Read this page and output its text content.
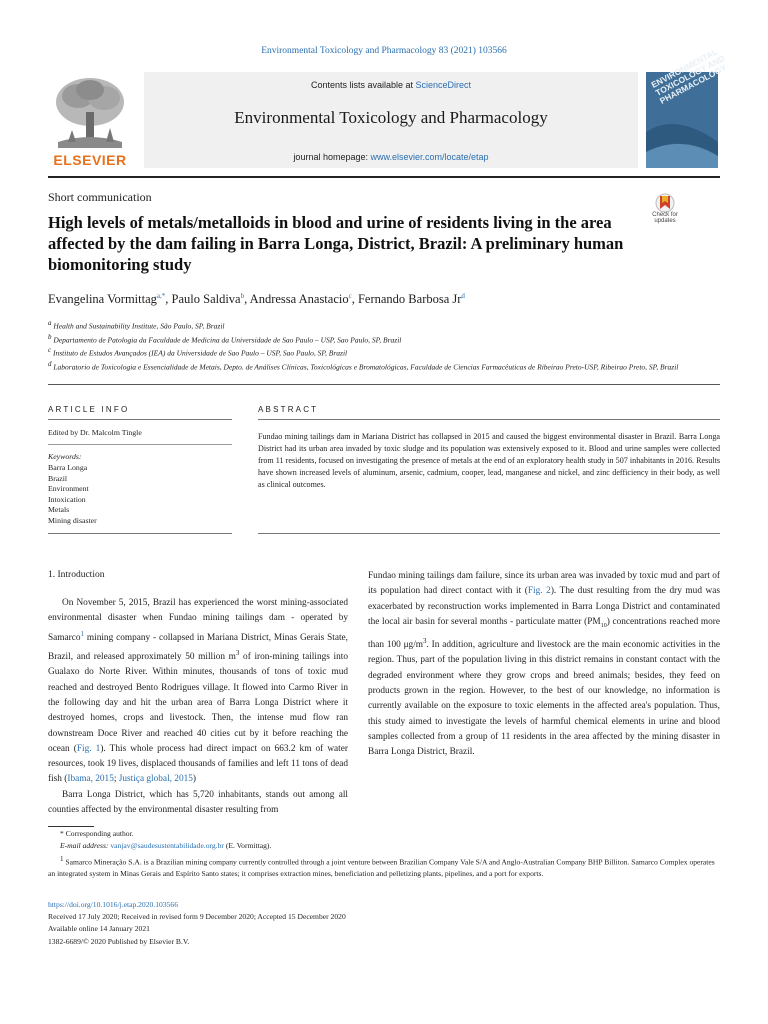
Environmental Toxicology and Pharmacology 83 (2021) 103566
ELSEVIER
Contents lists available at ScienceDirect
Environmental Toxicology and Pharmacology
journal homepage: www.elsevier.com/locate/etap
ENVIRONMENTAL TOXICOLOGY AND PHARMACOLOGY
Short communication
High levels of metals/metalloids in blood and urine of residents living in the area affected by the dam failing in Barra Longa, District, Brazil: A preliminary human biomonitoring study
Check for updates
Evangelina Vormittag$^{a,*}$, Paulo Saldiva$^b$, Andressa Anastacio$^c$, Fernando Barbosa Jr$^d$

$^a$ Health and Sustainability Institute, São Paulo, SP, Brazil

$^b$ Departamento de Patologia da Faculdade de Medicina da Universidade de Sao Paulo – USP, Sao Paulo, SP, Brazil

$^c$ Instituto de Estudos Avançados (IEA) da Universidade de Sao Paulo – USP, Sao Paulo, SP, Brazil

$^d$ Laboratorio de Toxicologia e Essencialidade de Metais, Depto. de Análises Clínicas, Toxicológicas e Bromatológicas, Faculdade de Ciencias Farmacêuticas de Ribeirao Preto-USP, Ribeirao Preto, SP, Brazil

ARTICLE INFO
Edited by Dr. Malcolm Tingle
Keywords:
Barra Longa
Brazil
Environment
Intoxication
Metals
Mining disaster
ABSTRACT
Fundao mining tailings dam in Mariana District has collapsed in 2015 and caused the biggest environmental disaster in Brazil. Barra Longa District had its urban area invaded by toxic sludge and its population was extensively exposed to it. Blood and urine samples were collected from 11 residents, focused on investigating the presence of metals at the end of an exploratory health study in 507 inhabitants in 2016. Results have shown increased levels of aluminum, arsenic, cadmium, cooper, lead, manganese and nickel, and zinc defficiency in their body, as well as clinical outcomes.
1. Introduction

On November 5, 2015, Brazil has experienced the worst mining-associated environmental disaster when Fundao mining tailings dam - operated by Samarco$^1$ mining company - collapsed in Mariana District, Minas Gerais State, Brazil, and released approximately 50 million $m^3$ of iron-mining tailings into Gualaxo do Norte River. Within minutes, thousands of tons of toxic mud reached and destroyed Bento Rodrigues village. It flowed into Carmo River in the following day and hit the urban area of Barra Longa District where it destroyed homes, crops and livestock. Then, the intense mud flow ran downstream Doce River and reached 40 cities cut by it before reaching the ocean (Fig. 1). This whole process had direct impact on 663.2 km of water resources, took 19 lives, displaced thousands of families and left 11 tons of dead fish (Ibama, 2015; Justiça global, 2015)

Barra Longa District, which has 5,720 inhabitants, stands out among all counties affected by the environmental disaster resulting from

Fundao mining tailings dam failure, since its urban area was invaded by toxic mud and part of its population had direct contact with it (Fig. 2). The dust resulting from the dry mud was exacerbated by reconstruction works implemented in Barra Longa District and contaminated the local air basin for several months - particulate matter $(PM_{10})$ concentrations reached more than 100 $\mu g/m^3$. In addition, agriculture and livestock are the main economic activities in the region. Thus, part of the population living in this district remains in constant contact with the degraded environment where they grow crops and breed animals; besides, they feed on products grown in the region. However, to the best of our knowledge, no information is currently available on the exposure to toxic elements in the affected area's population. Thus, this study aimed to investigate the levels of harmful chemical elements in urine and blood samples collected from a group of 11 residents in the area affected by the mining disaster in Barra Longa District, Brazil.

* Corresponding author.

E-mail address: vanjav@saudesustentabilidade.org.br (E. Vormittag).

$^1$ Samarco Mineração S.A. is a Brazilian mining company currently controlled through a joint venture between Brazilian Company Vale S/A and Anglo-Australian Company BHP Billiton. Samarco Complex operates an integrated system in Minas Gerais and Espírito Santo states; it comprises extraction mines, beneficiation and pelletizing plants, pipelines, and a port for exports.

https://doi.org/10.1016/j.etap.2020.103566
Received 17 July 2020; Received in revised form 9 December 2020; Accepted 15 December 2020
Available online 14 January 2021
1382-6689/© 2020 Published by Elsevier B.V.
